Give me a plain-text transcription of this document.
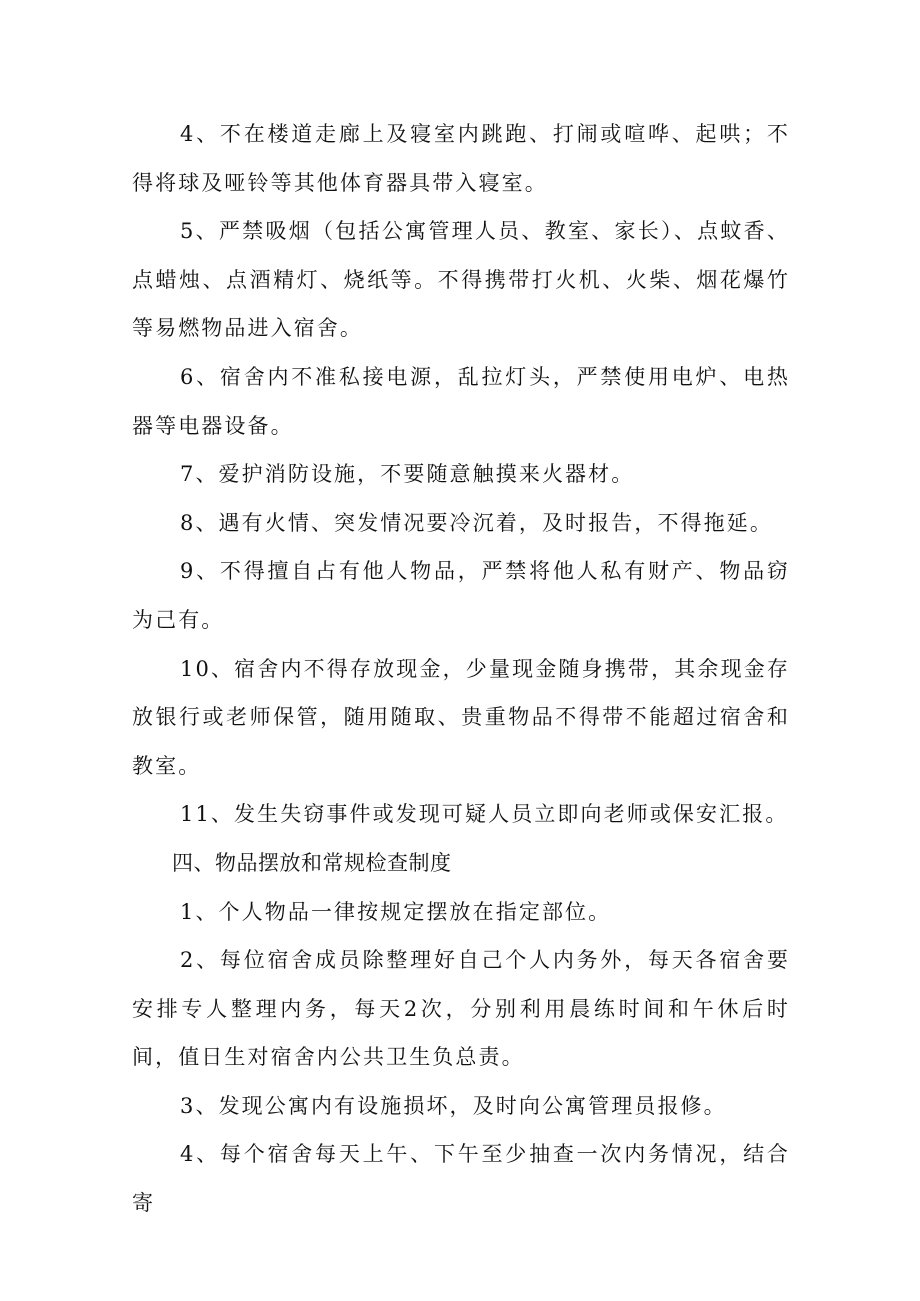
4、不在楼道走廊上及寝室内跳跑、打闹或喧哗、起哄；不得将球及哑铃等其他体育器具带入寝室。

5、严禁吸烟（包括公寓管理人员、教室、家长）、点蚊香、点蜡烛、点酒精灯、烧纸等。不得携带打火机、火柴、烟花爆竹等易燃物品进入宿舍。

6、宿舍内不准私接电源，乱拉灯头，严禁使用电炉、电热器等电器设备。

7、爱护消防设施，不要随意触摸来火器材。

8、遇有火情、突发情况要冷沉着，及时报告，不得拖延。

9、不得擅自占有他人物品，严禁将他人私有财产、物品窃为己有。

10、宿舍内不得存放现金，少量现金随身携带，其余现金存放银行或老师保管，随用随取、贵重物品不得带不能超过宿舍和教室。

11、发生失窃事件或发现可疑人员立即向老师或保安汇报。

四、物品摆放和常规检查制度

1、个人物品一律按规定摆放在指定部位。

2、每位宿舍成员除整理好自己个人内务外，每天各宿舍要安排专人整理内务，每天2次，分别利用晨练时间和午休后时间，值日生对宿舍内公共卫生负总责。

3、发现公寓内有设施损坏，及时向公寓管理员报修。

4、每个宿舍每天上午、下午至少抽查一次内务情况，结合寄
